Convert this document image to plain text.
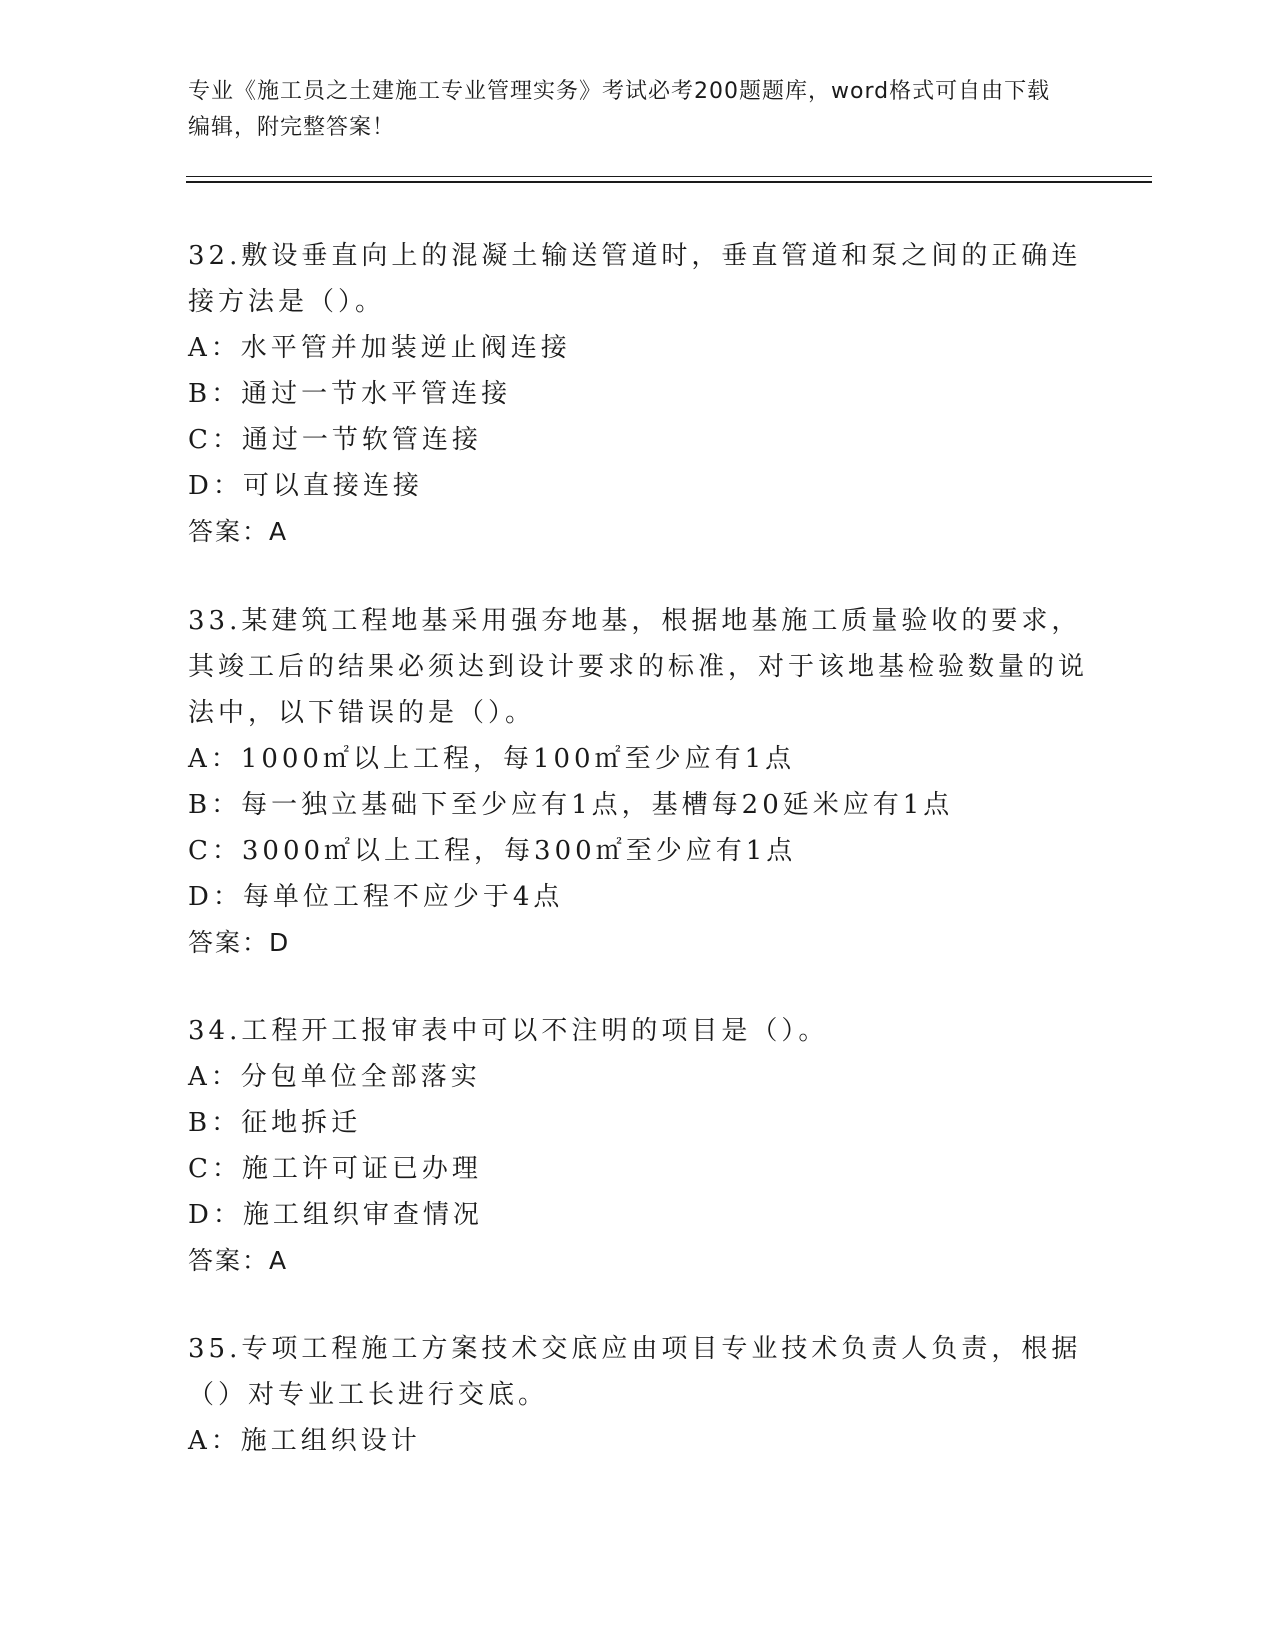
专业《施工员之土建施工专业管理实务》考试必考200题题库，word格式可自由下载编辑，附完整答案！

32.敷设垂直向上的混凝土输送管道时，垂直管道和泵之间的正确连接方法是（）。

A：水平管并加装逆止阀连接

B：通过一节水平管连接

C：通过一节软管连接

D：可以直接连接

答案：A

33.某建筑工程地基采用强夯地基，根据地基施工质量验收的要求，其竣工后的结果必须达到设计要求的标准，对于该地基检验数量的说法中，以下错误的是（）。

A：1000㎡以上工程，每100㎡至少应有1点

B：每一独立基础下至少应有1点，基槽每20延米应有1点

C：3000㎡以上工程，每300㎡至少应有1点

D：每单位工程不应少于4点

答案：D

34.工程开工报审表中可以不注明的项目是（）。

A：分包单位全部落实

B：征地拆迁

C：施工许可证已办理

D：施工组织审查情况

答案：A

35.专项工程施工方案技术交底应由项目专业技术负责人负责，根据（）对专业工长进行交底。

A：施工组织设计
